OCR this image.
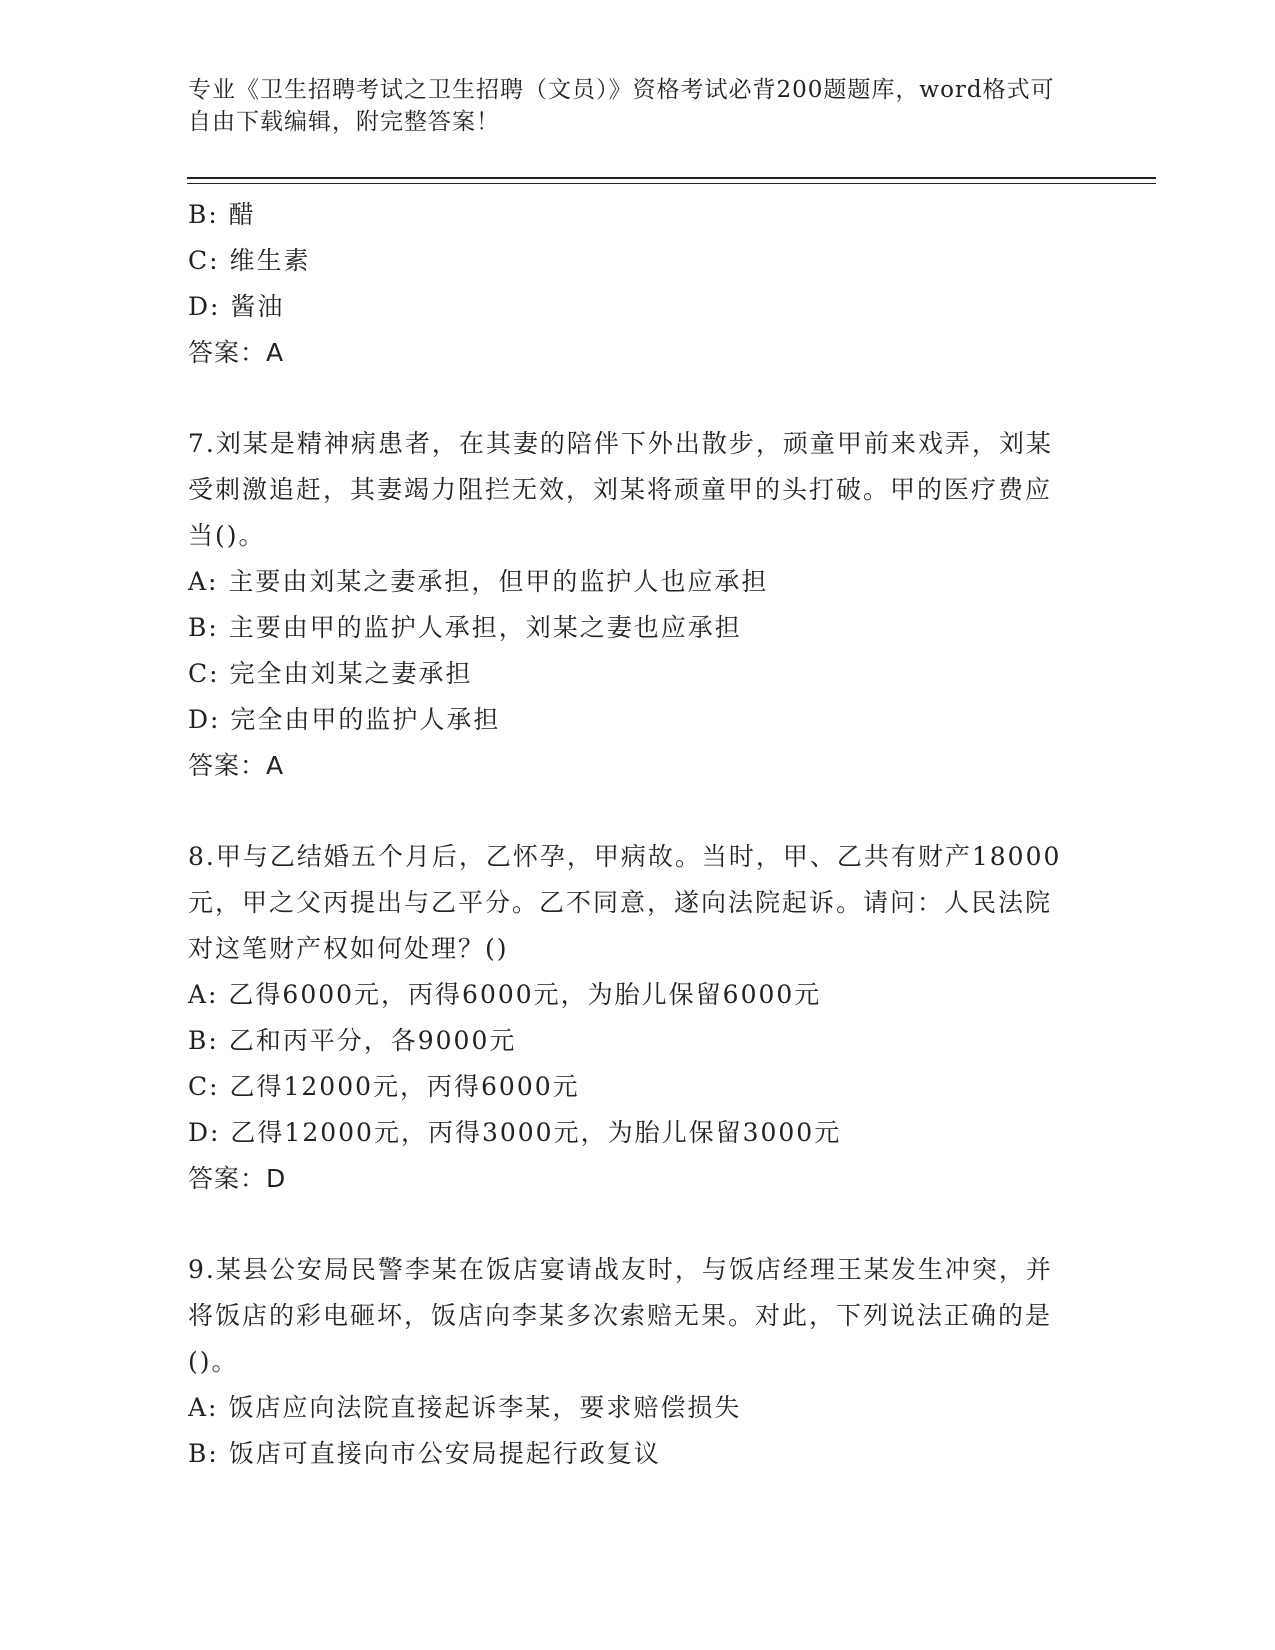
专业《卫生招聘考试之卫生招聘（文员）》资格考试必背200题题库，word格式可自由下载编辑，附完整答案！
B: 醋
C: 维生素
D: 酱油
答案：A
7.刘某是精神病患者，在其妻的陪伴下外出散步，顽童甲前来戏弄，刘某受刺激追赶，其妻竭力阻拦无效，刘某将顽童甲的头打破。甲的医疗费应当()。
A: 主要由刘某之妻承担，但甲的监护人也应承担
B: 主要由甲的监护人承担，刘某之妻也应承担
C: 完全由刘某之妻承担
D: 完全由甲的监护人承担
答案：A
8.甲与乙结婚五个月后，乙怀孕，甲病故。当时，甲、乙共有财产18000元，甲之父丙提出与乙平分。乙不同意，遂向法院起诉。请问：人民法院对这笔财产权如何处理？()
A: 乙得6000元，丙得6000元，为胎儿保留6000元
B: 乙和丙平分，各9000元
C: 乙得12000元，丙得6000元
D: 乙得12000元，丙得3000元，为胎儿保留3000元
答案：D
9.某县公安局民警李某在饭店宴请战友时，与饭店经理王某发生冲突，并将饭店的彩电砸坏，饭店向李某多次索赔无果。对此，下列说法正确的是()。
A: 饭店应向法院直接起诉李某，要求赔偿损失
B: 饭店可直接向市公安局提起行政复议
